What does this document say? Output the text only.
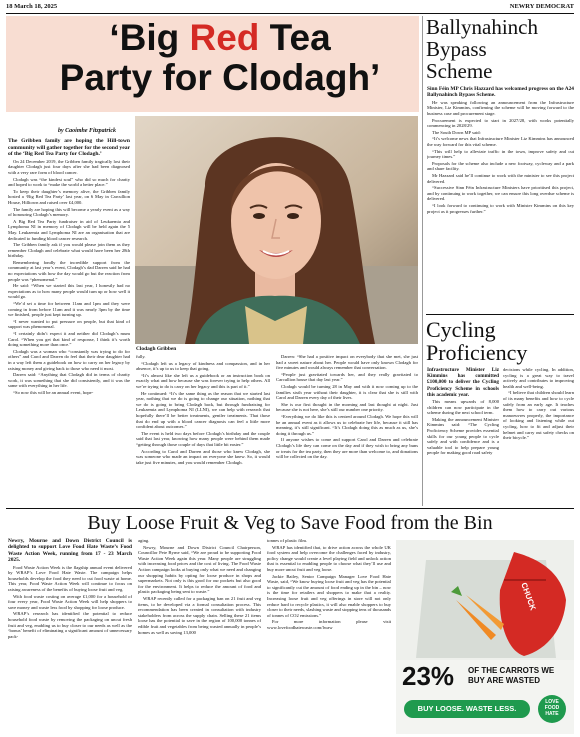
18 March 18, 2025	NEWRY DEMOCRAT
‘Big Red Tea
Party for Clodagh’
by Caoimhe Fitzpatrick

The Gribben family are hoping the Hill-town community will gather together for the second year of the ‘Big Red Tea Party for Clodagh.’

On 24 December 2019, the Gribben family tragically lost their daughter Clodagh just four days after she had been diagnosed with a very rare form of blood cancer.

Clodagh was “the kindest soul” who did so much for charity and hoped to work to “make the world a better place.”

To keep their daughter’s memory alive, the Gribben family hosted a ‘Big Red Tea Party’ last year, on 6 May in Carcullion House, Hilltown and raised over £4,000.

The family are hoping this will become a yearly event as a way of honouring Clodagh’s memory.

A Big Red Tea Party fundraiser in aid of Leukaemia and Lymphoma NI in memory of Clodagh will be held again the 5 May. Leukaemia and Lymphoma NI are an organisation that are dedicated to funding blood cancer research.

The Gribben family ask if you would please join them as they remember Clodagh and celebrate what would have been her 28th birthday.

Remembering fondly the incredible support from the community at last year’s event, Clodagh’s dad Darren said he had no expectations with how the day would go but the reaction from people was “phenomenal.”

He said: “When we started this last year, I honestly had no expectations as to how many people would turn up or how well it would go.

“We’d set a time for between 11am and 1pm and they were coming in from before 11am and it was nearly 3pm by the time we finished, people just kept turning up.

“I never wanted to put pressure on people, but that kind of support was phenomenal.

“I certainly didn’t expect it and neither did Clodagh’s mum Carol. “When you get that kind of response, I think it’s worth doing something more than once.”

Clodagh was a woman who “constantly was trying to do for others” and Carol and Darren do feel that their dear daughter had in a way left them a guidebook on how to carry on her legacy by raising money and giving back to those who need it most.

Darren said: “Anything that Clodagh did in terms of charity work, it was something that she did consistently, and it was the same with everything in her life.

“So now this will be an annual event, hope-

Clodagh Gribben

fully.

“Clodagh left us a legacy of kindness and compassion, and in her absence, it’s up to us to keep that going.

“It’s almost like she left us a guidebook or an instruction book on exactly what and how because she was forever trying to help others. All we’re trying to do is carry on her legacy and this is part of it.”

He continued: “It’s the same thing as the reason that we started last year, nothing that we do is going to change our situation, nothing that we do is going to bring Clodagh back, but through fundraising for Leukaemia and Lymphoma NI (LLNI), we can help with research that hopefully there’ll be better treatments, gentler treatments. That those that do end up with a blood cancer diagnosis can feel a little more confident about outcomes.”

The event is held two days before Clodagh’s birthday and the couple said that last year, knowing how many people were behind them made “getting through those couple of days that little bit easier.”

According to Carol and Darren and those who knew Clodagh, she was someone who made an impact on everyone she knew. So, it would take just five minutes, and you would remember Clodagh.

Darren: “She had a positive impact on everybody that she met, she just had a sweet nature about her. People would have only known Clodagh for five minutes and would always remember that conversation.

“People just gravitated towards her, and they really gravitated to Carcullion house that day last year.”

Clodagh would be turning 28 in May and with it now coming up to the families sixth year without their daughter, it is clear that she is still with Carol and Darren every day of their lives.

She is our first thought in the morning and last thought at night. Just because she is not here, she’s still our number one priority.

“Everything we do like this is centred around Clodagh. We hope this will be an annual event as it allows us to celebrate her life, because it still has meaning, it’s still significant. “It’s Clodagh doing this as much as us, she’s doing it through us.”

If anyone wishes to come and support Carol and Darren and celebrate Clodagh’s life they can come on the day and if they wish to bring any buns or treats for the tea party, then they are more than welcome to, and donations will be collected on the day.

Ballynahinch
Bypass
Scheme

Sinn Féin MP Chris Hazzard has welcomed progress on the A24 Ballynahinch Bypass Scheme.

He was speaking following an announcement from the Infrastructure Minister, Liz Kimmins, confirming the scheme will be moving forward to the business case and procurement stage.

Procurement is expected to start in 2027/28, with works potentially commencing in 2028/29.

The South Down MP said:

“It’s welcome news that Infrastructure Minister Liz Kimmins has announced the way forward for this vital scheme.

“This will help to alleviate traffic in the town, improve safety and cut journey times.”

Proposals for the scheme also include a new footway, cycleway and a park and share facility.

Mr Hazzard said he’ll continue to work with the minister to see this project delivered.

“Successive Sinn Féin Infrastructure Ministers have prioritised this project, and by continuing to work together, we can ensure this long overdue scheme is delivered.

“I look forward to continuing to work with Minister Kimmins on this key project as it progresses further.”

Cycling
Proficiency

Infrastructure Minister Liz Kimmins has committed £100,000 to deliver the Cycling Proficiency Scheme in schools this academic year.

This means upwards of 8,000 children can now participate in the scheme during the next school term.

Making the announcement Minister Kimmins said: “The Cycling Proficiency Scheme provides essential skills for our young people to cycle safely and with confidence and is a valuable tool to help prepare young people for making good road safety

decisions while cycling. In addition, cycling is a great way to travel actively and contributes to improving health and well-being.

“I believe that children should learn of its many benefits and how to cycle safely from an early age. It teaches them how to carry out various manoeuvres properly, the importance of looking and listening while out cycling, how to fit and adjust their helmet and carry out safety checks on their bicycle.”

Buy Loose Fruit & Veg to Save Food from the Bin

Newry, Mourne and Down District Council is delighted to support Love Food Hate Waste’s Food Waste Action Week, running from 17 - 23 March 2025.

Food Waste Action Week is the flagship annual event delivered by WRAP’s Love Food Hate Waste. The campaign helps households develop the food they need to cut food waste at home. This year, Food Waste Action Week will continue to focus on raising awareness of the benefits of buying loose fruit and veg.

With food waste costing on average £1,000 for a household of four every year, Food Waste Action Week will help shoppers to save money and waste less food by shopping for loose produce.

WRAP’s research has identified the potential to reduce household food waste by removing the packaging on uncut fresh fruit and veg, enabling us to buy closer to our needs as well as the ‘bonus’ benefit of eliminating a significant amount of unnecessary pack-

aging.

Newry, Mourne and Down District Council Chairperson, Councillor Pete Byrne said, “We are proud to be supporting Food Waste Action Week again this year. Many people are struggling with increasing food prices and the cost of living. The Food Waste Action campaign looks at buying only what we need and changing our shopping habits by opting for loose produce in shops and supermarkets. Not only is this good for our pockets but also good for the environment. It helps to reduce the amount of food and plastic packaging being sent to waste.”

WRAP recently called for a packaging ban on 21 fruit and veg items, to be developed via a formal consultation process. This recommendation has been created in consultation with industry stakeholders from across the supply chain. Selling these 21 items loose has the potential to save in the region of 100,000 tonnes of edible fruit and vegetables from being wasted annually in people’s homes as well as saving 13,000

tonnes of plastic film.

WRAP has identified that, to drive action across the whole UK food system and help overcome the challenges faced by industry, policy change would create a level playing field and unlock action that is essential to enabling people to choose what they’ll use and buy more uncut fruit and veg loose.

Jackie Bailey, Senior Campaign Manager Love Food Hate Waste, said, “We know buying loose fruit and veg has the potential to significantly cut the amount of food ending up in the bin – now is the time for retailers and shoppers to make that a reality. Increasing loose fruit and veg offerings in store will not only reduce hard to recycle plastics, it will also enable shoppers to buy closer to their needs, slashing waste and stopping tens of thousands of tonnes of CO2 emissions.”

For more information please visit www.lovefoodhatewaste.com/lwaw

CHUCK
23% OF THE CARROTS WE
BUY ARE WASTED
BUY LOOSE. WASTE LESS.
LOVE
FOOD
HATE
